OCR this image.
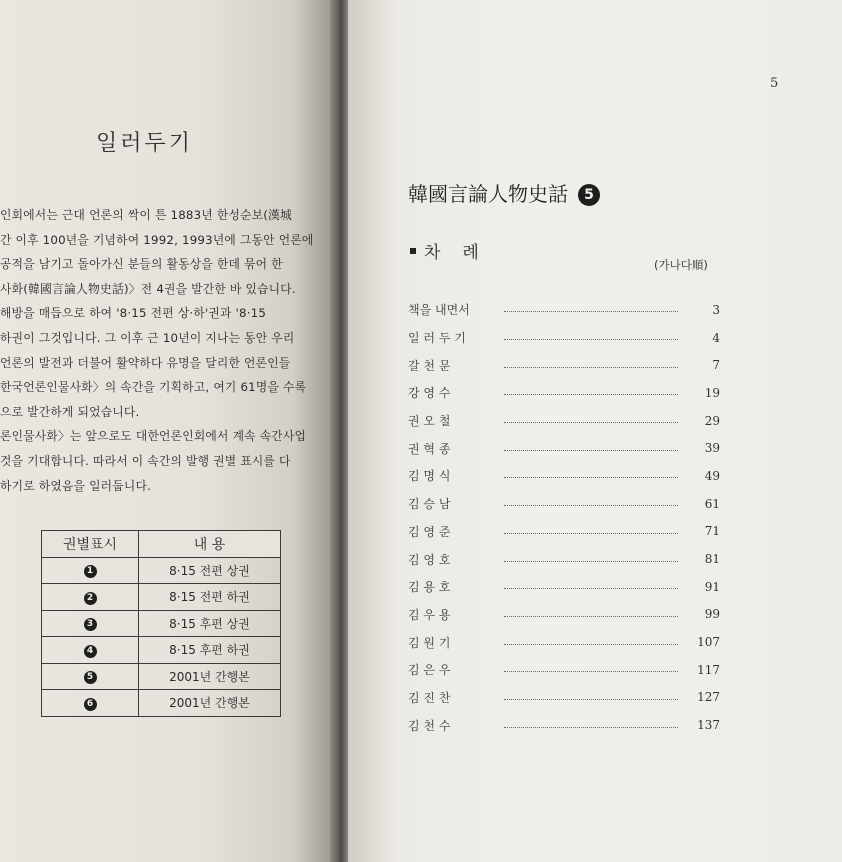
5
일러두기
인회에서는 근대 언론의 싹이 튼 1883년 한성순보(漢城
간 이후 100년을 기념하여 1992, 1993년에 그동안 언론에
공적을 남기고 돌아가신 분들의 활동상을 한데 묶어 한
사화(韓國言論人物史話)〉전 4권을 발간한 바 있습니다.
해방을 매듭으로 하여 '8·15 전편 상·하'권과 '8·15
하권이 그것입니다. 그 이후 근 10년이 지나는 동안 우리
언론의 발전과 더불어 활약하다 유명을 달리한 언론인들
한국언론인물사화〉의 속간을 기획하고, 여기 61명을 수록
으로 발간하게 되었습니다.
론인물사화〉는 앞으로도 대한언론인회에서 계속 속간사업
것을 기대합니다. 따라서 이 속간의 발행 권별 표시를 다
하기로 하였음을 일러둡니다.
권별표시	내 용
1	8·15 전편 상권
2	8·15 전편 하권
3	8·15 후편 상권
4	8·15 후편 하권
5	2001년 간행본
6	2001년 간행본
韓國言論人物史話 5
차례
(가나다順)
책을 내면서	3
일 러 두 기	4
갈 천 문	7
강 영 수	19
권 오 철	29
권 혁 종	39
김 명 식	49
김 승 남	61
김 영 준	71
김 영 호	81
김 용 호	91
김 우 용	99
김 원 기	107
김 은 우	117
김 진 찬	127
김 천 수	137
